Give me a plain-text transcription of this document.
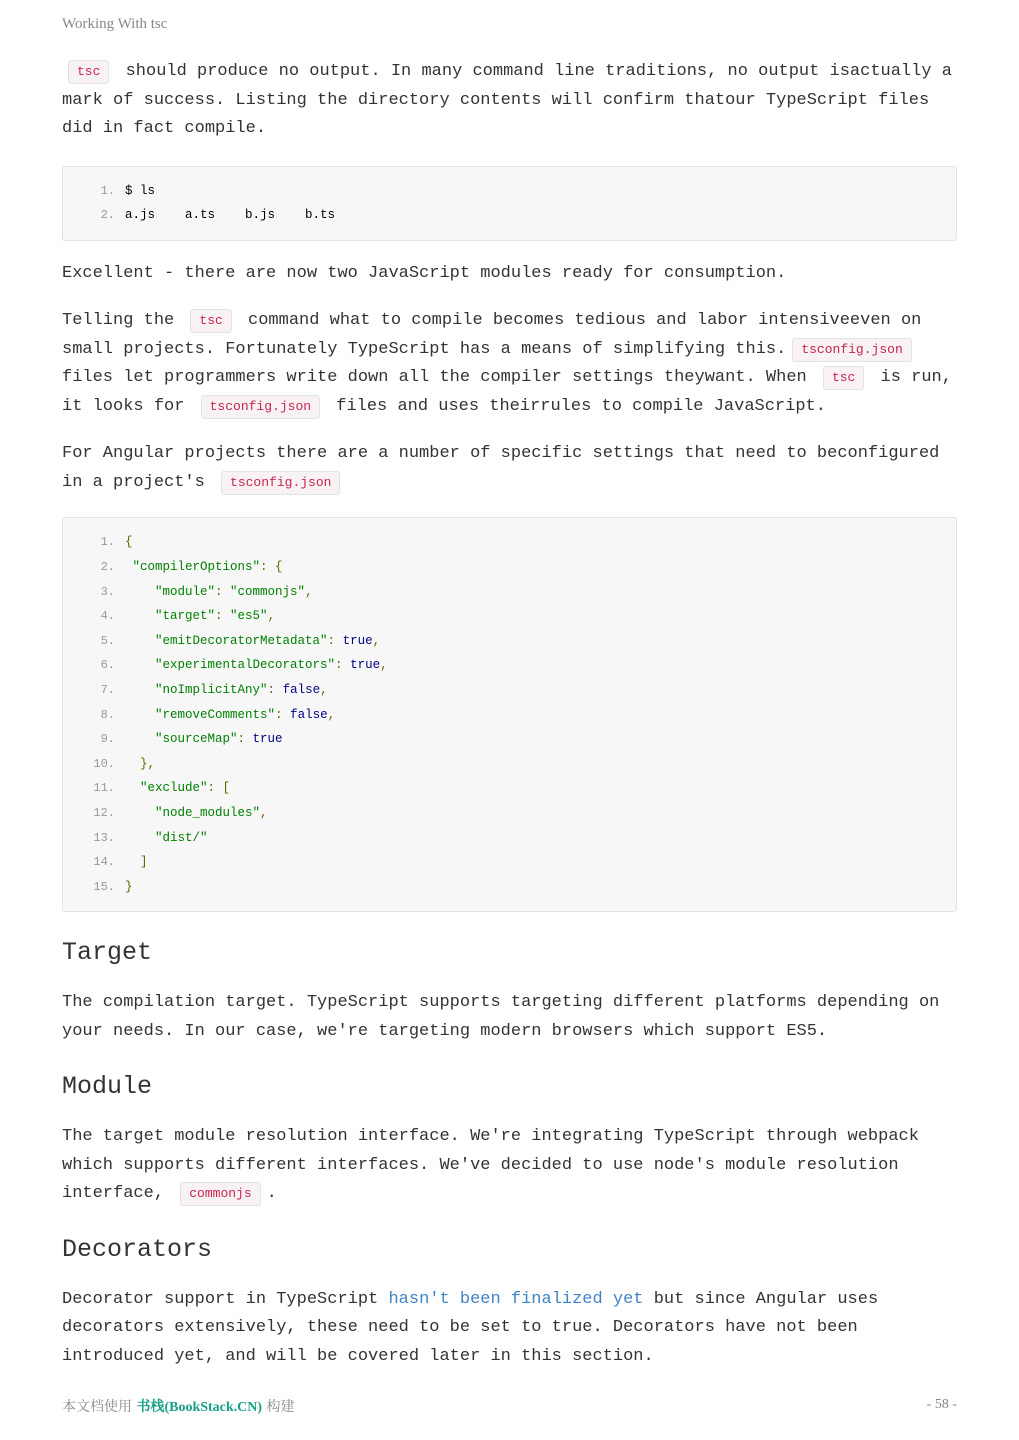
Working With tsc

tsc should produce no output. In many command line traditions, no output isactually a mark of success. Listing the directory contents will confirm thatour TypeScript files did in fact compile.

1. $ ls
2. a.js    a.ts    b.js    b.ts

Excellent - there are now two JavaScript modules ready for consumption.

Telling the tsc command what to compile becomes tedious and labor intensiveeven on small projects. Fortunately TypeScript has a means of simplifying this. tsconfig.json files let programmers write down all the compiler settings theywant. When tsc is run, it looks for tsconfig.json files and uses theirrules to compile JavaScript.

For Angular projects there are a number of specific settings that need to beconfigured in a project's tsconfig.json

1. {
2.
	"compilerOptions" : {
3.
	"module" : "commonjs" ,
4.
	"target" : "es5" ,
5.
	"emitDecoratorMetadata" : true ,
6.
	"experimentalDecorators" : true ,
7.
	"noImplicitAny" : false ,
8.
	"removeComments" : false ,
9.
	"sourceMap" : true
10.
	},
11.
	"exclude" : [
12.
	"node_modules" ,
13.
	"dist/"
14.
	]
15. }
Target

The compilation target. TypeScript supports targeting different platforms depending on your needs. In our case, we're targeting modern browsers which support ES5.

Module

The target module resolution interface. We're integrating TypeScript through webpack which supports different interfaces. We've decided to use node's module resolution interface, commonjs .

Decorators

Decorator support in TypeScript hasn't been finalized yet but since Angular uses decorators extensively, these need to be set to true. Decorators have not been introduced yet, and will be covered later in this section.

本文档使用 书栈(BookStack.CN) 构建	- 58 -
